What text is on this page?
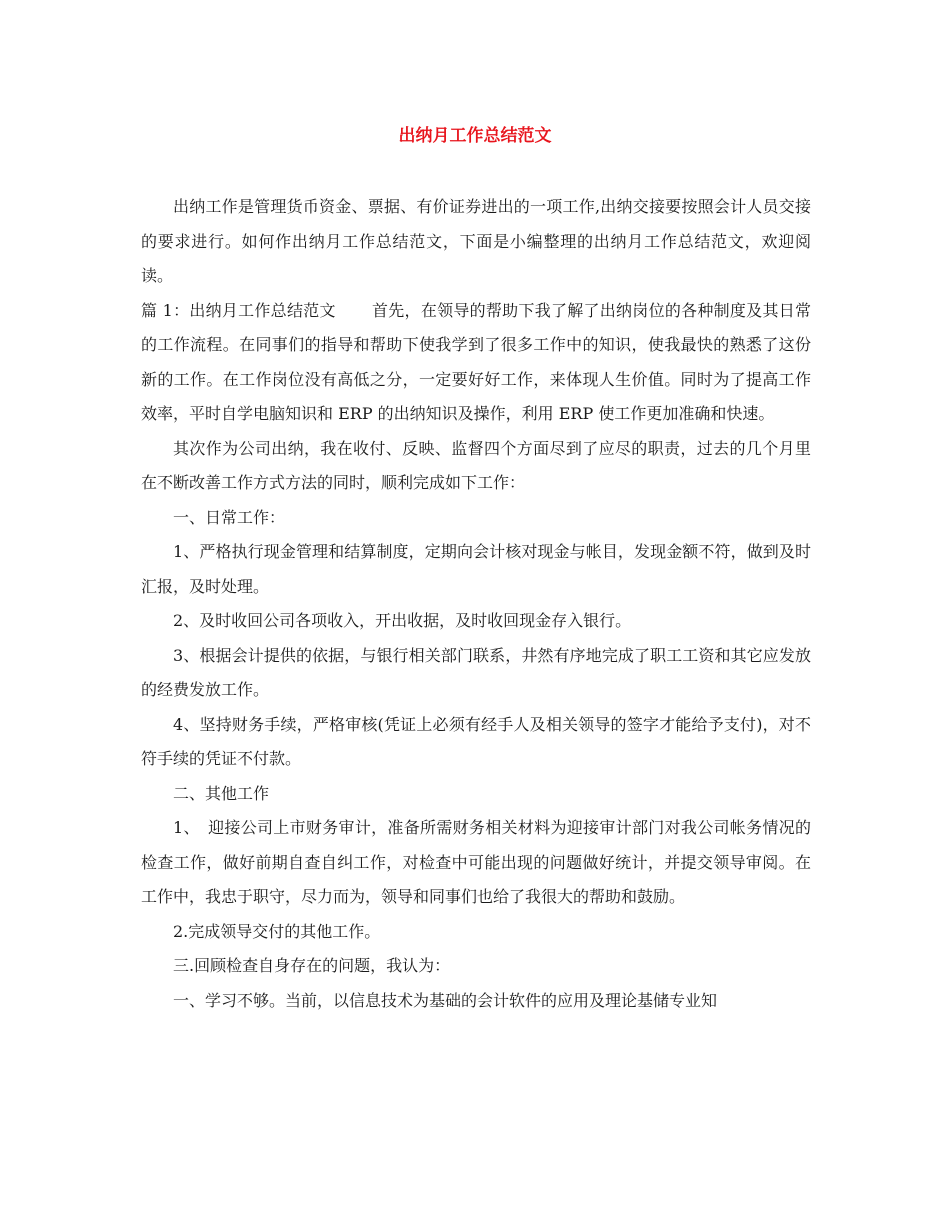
出纳月工作总结范文

出纳工作是管理货币资金、票据、有价证券进出的一项工作,出纳交接要按照会计人员交接的要求进行。如何作出纳月工作总结范文，下面是小编整理的出纳月工作总结范文，欢迎阅读。

篇 1：出纳月工作总结范文 首先，在领导的帮助下我了解了出纳岗位的各种制度及其日常的工作流程。在同事们的指导和帮助下使我学到了很多工作中的知识，使我最快的熟悉了这份新的工作。在工作岗位没有高低之分，一定要好好工作，来体现人生价值。同时为了提高工作效率，平时自学电脑知识和 ERP 的出纳知识及操作，利用 ERP 使工作更加准确和快速。

其次作为公司出纳，我在收付、反映、监督四个方面尽到了应尽的职责，过去的几个月里在不断改善工作方式方法的同时，顺利完成如下工作：

一、日常工作：

1、严格执行现金管理和结算制度，定期向会计核对现金与帐目，发现金额不符，做到及时汇报，及时处理。

2、及时收回公司各项收入，开出收据，及时收回现金存入银行。

3、根据会计提供的依据，与银行相关部门联系，井然有序地完成了职工工资和其它应发放的经费发放工作。

4、坚持财务手续，严格审核(凭证上必须有经手人及相关领导的签字才能给予支付)，对不符手续的凭证不付款。

二、其他工作

1、　迎接公司上市财务审计，准备所需财务相关材料为迎接审计部门对我公司帐务情况的检查工作，做好前期自查自纠工作，对检查中可能出现的问题做好统计，并提交领导审阅。在工作中，我忠于职守，尽力而为，领导和同事们也给了我很大的帮助和鼓励。

2.完成领导交付的其他工作。

三.回顾检查自身存在的问题，我认为：

一、学习不够。当前，以信息技术为基础的会计软件的应用及理论基储专业知
